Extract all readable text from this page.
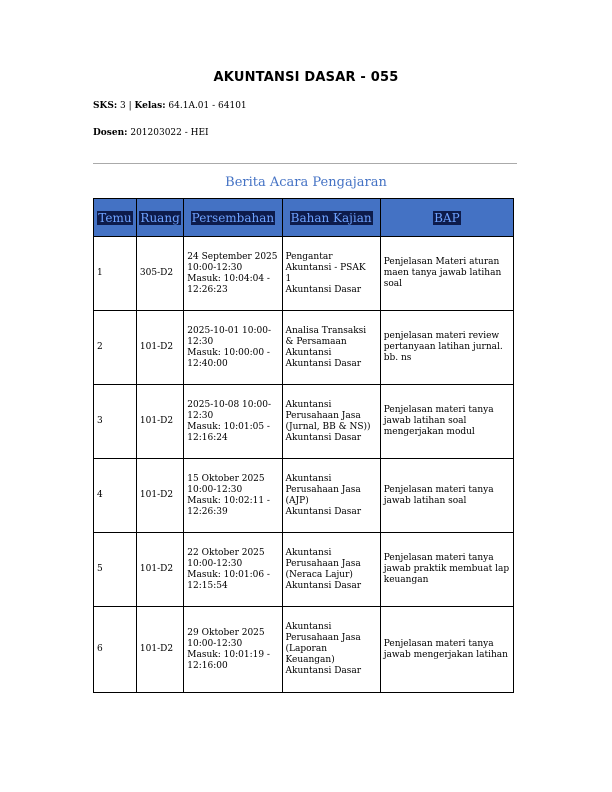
AKUNTANSI DASAR - 055
SKS: 3 | Kelas: 64.1A.01 - 64101
Dosen: 201203022 - HEI
Berita Acara Pengajaran
Temu	Ruang	Persembahan	Bahan Kajian	BAP
1	305-D2	24 September 2025
10:00-12:30
Masuk: 10:04:04 -
12:26:23	Pengantar
Akuntansi - PSAK
1
Akuntansi Dasar	Penjelasan Materi aturan
maen tanya jawab latihan
soal

2	101-D2	2025-10-01 10:00-
12:30
Masuk: 10:00:00 -
12:40:00	Analisa Transaksi
& Persamaan
Akuntansi
Akuntansi Dasar	penjelasan materi review
pertanyaan latihan jurnal.
bb. ns

3	101-D2	2025-10-08 10:00-
12:30
Masuk: 10:01:05 -
12:16:24	Akuntansi
Perusahaan Jasa
(Jurnal, BB & NS))
Akuntansi Dasar	Penjelasan materi tanya
jawab latihan soal
mengerjakan modul

4	101-D2	15 Oktober 2025
10:00-12:30
Masuk: 10:02:11 -
12:26:39	Akuntansi
Perusahaan Jasa
(AJP)
Akuntansi Dasar	Penjelasan materi tanya
jawab latihan soal

5	101-D2	22 Oktober 2025
10:00-12:30
Masuk: 10:01:06 -
12:15:54	Akuntansi
Perusahaan Jasa
(Neraca Lajur)
Akuntansi Dasar	Penjelasan materi tanya
jawab praktik membuat lap
keuangan

6	101-D2	29 Oktober 2025
10:00-12:30
Masuk: 10:01:19 -
12:16:00	Akuntansi
Perusahaan Jasa
(Laporan
Keuangan)
Akuntansi Dasar	Penjelasan materi tanya
jawab mengerjakan latihan
